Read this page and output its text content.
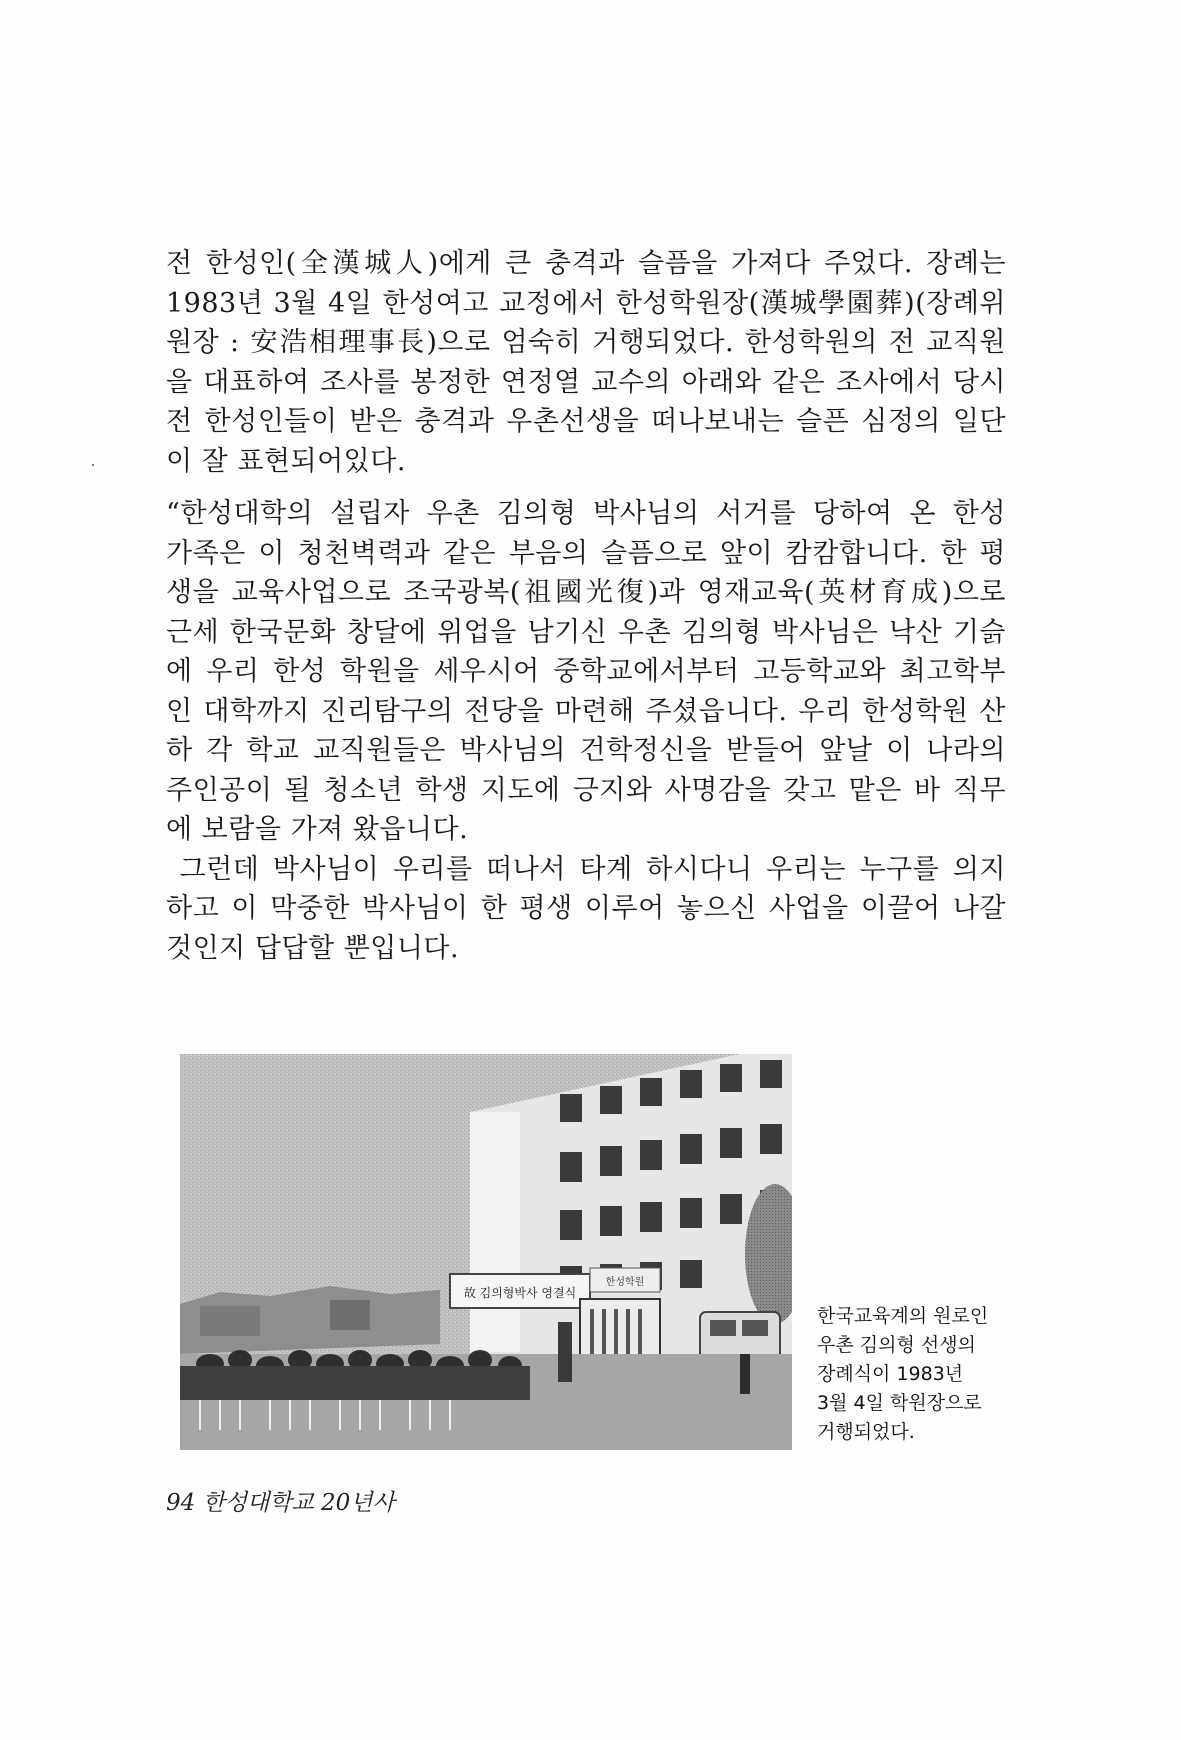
전 한성인(全漢城人)에게 큰 충격과 슬픔을 가져다 주었다. 장례는
1983년 3월 4일 한성여고 교정에서 한성학원장(漢城學園葬)(장례위
원장 : 安浩相理事長)으로 엄숙히 거행되었다. 한성학원의 전 교직원
을 대표하여 조사를 봉정한 연정열 교수의 아래와 같은 조사에서 당시
전 한성인들이 받은 충격과 우촌선생을 떠나보내는 슬픈 심정의 일단
이 잘 표현되어있다.
“한성대학의 설립자 우촌 김의형 박사님의 서거를 당하여 온 한성
가족은 이 청천벽력과 같은 부음의 슬픔으로 앞이 캄캄합니다. 한 평
생을 교육사업으로 조국광복(祖國光復)과 영재교육(英材育成)으로
근세 한국문화 창달에 위업을 남기신 우촌 김의형 박사님은 낙산 기슭
에 우리 한성 학원을 세우시어 중학교에서부터 고등학교와 최고학부
인 대학까지 진리탐구의 전당을 마련해 주셨읍니다. 우리 한성학원 산
하 각 학교 교직원들은 박사님의 건학정신을 받들어 앞날 이 나라의
주인공이 될 청소년 학생 지도에 긍지와 사명감을 갖고 맡은 바 직무
에 보람을 가져 왔읍니다.
그런데 박사님이 우리를 떠나서 타계 하시다니 우리는 누구를 의지
하고 이 막중한 박사님이 한 평생 이루어 놓으신 사업을 이끌어 나갈
것인지 답답할 뿐입니다.
故 김의형박사 영결식
한성학원
한국교육계의 원로인
우촌 김의형 선생의
장례식이 1983년
3월 4일 학원장으로
거행되었다.
94 한성대학교 20년사
